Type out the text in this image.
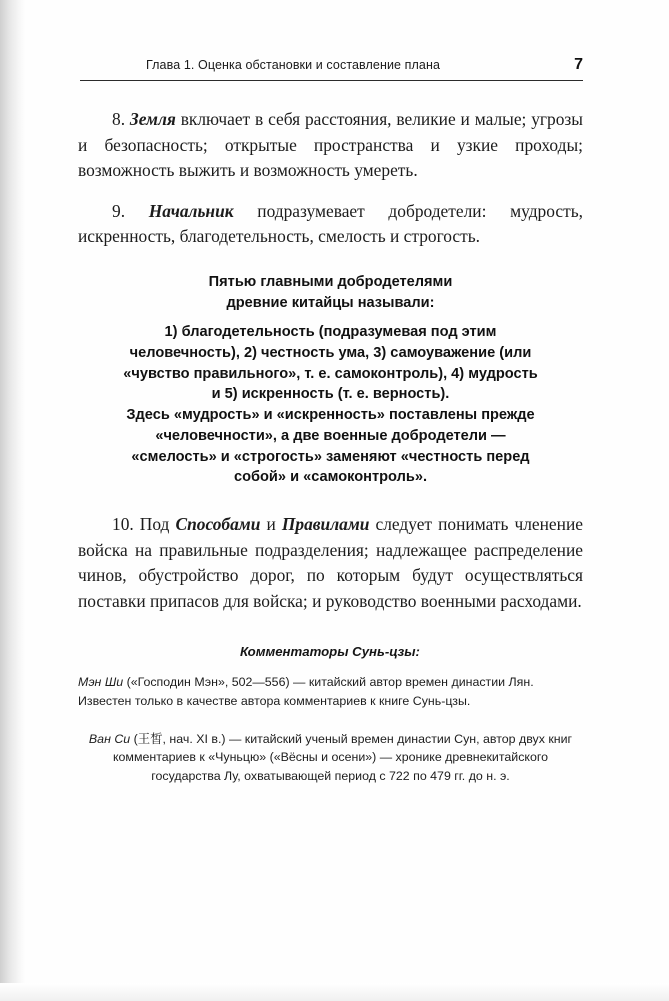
Глава 1. Оценка обстановки и составление плана	7

8. Земля включает в себя расстояния, великие и малые; угрозы и безопасность; открытые пространства и узкие проходы; возможность выжить и возможность умереть.

9. Начальник подразумевает добродетели: мудрость, искренность, благодетельность, смелость и строгость.

Пятью главными добродетелями
древние китайцы называли:

1) благодетельность (подразумевая под этим

человечность), 2) честность ума, 3) самоуважение (или

«чувство правильного», т. е. самоконтроль), 4) мудрость

и 5) искренность (т. е. верность).

Здесь «мудрость» и «искренность» поставлены прежде

«человечности», а две военные добродетели —

«смелость» и «строгость» заменяют «честность перед

собой» и «самоконтроль».

10. Под Способами и Правилами следует понимать членение войска на правильные подразделения; надлежащее распределение чинов, обустройство дорог, по которым будут осуществляться поставки припасов для войска; и руководство военными расходами.

Комментаторы Сунь-цзы:
Мэн Ши («Господин Мэн», 502—556) — китайский автор времен династии Лян. Известен только в качестве автора комментариев к книге Сунь-цзы.
Ван Си (王皙, нач. XI в.) — китайский ученый времен династии Сун, автор двух книг комментариев к «Чуньцю» («Вёсны и осени») — хронике древнекитайского государства Лу, охватывающей период с 722 по 479 гг. до н. э.
